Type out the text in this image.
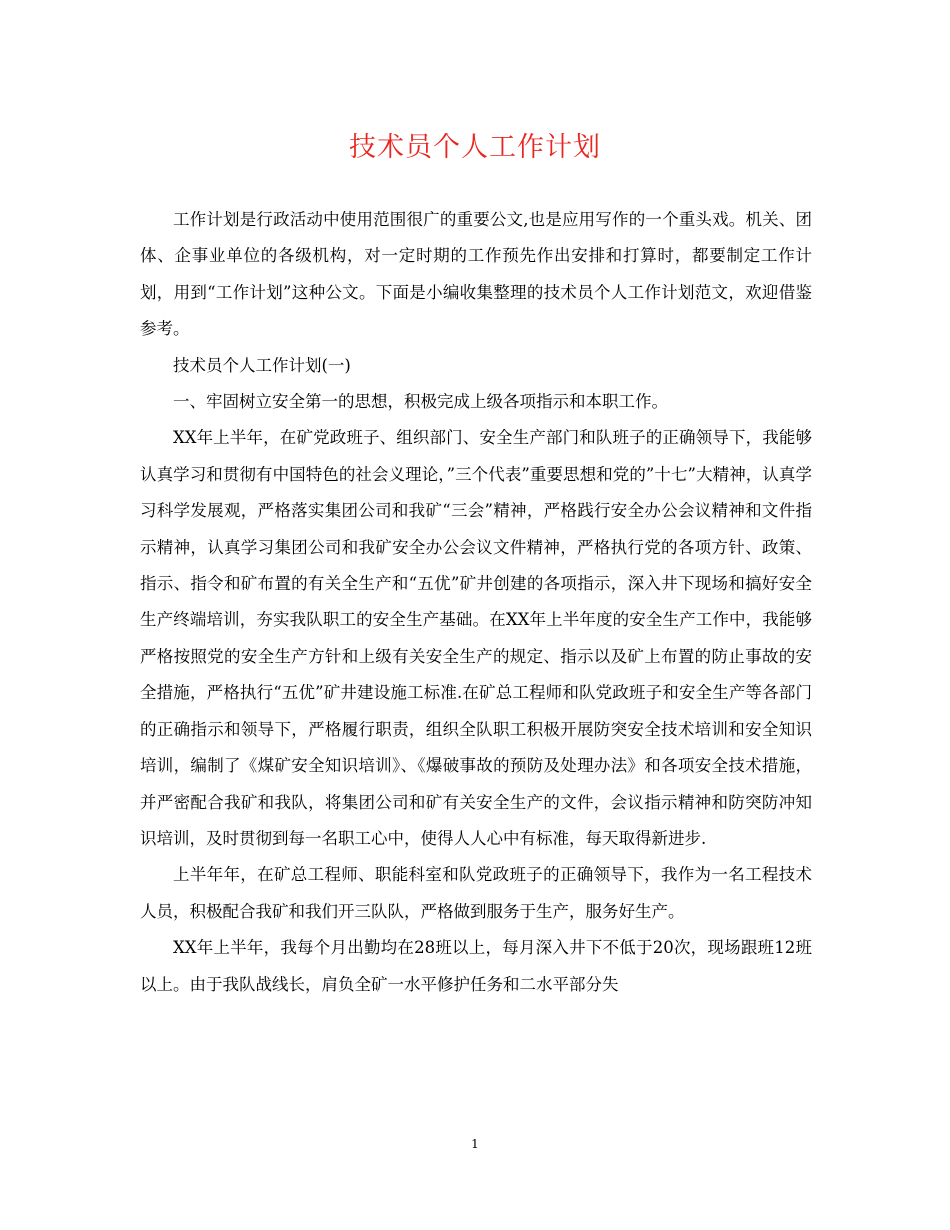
技术员个人工作计划

工作计划是行政活动中使用范围很广的重要公文,也是应用写作的一个重头戏。机关、团体、企事业单位的各级机构，对一定时期的工作预先作出安排和打算时，都要制定工作计划，用到“工作计划”这种公文。下面是小编收集整理的技术员个人工作计划范文，欢迎借鉴参考。

技术员个人工作计划(一)

一、牢固树立安全第一的思想，积极完成上级各项指示和本职工作。

XX年上半年，在矿党政班子、组织部门、安全生产部门和队班子的正确领导下，我能够认真学习和贯彻有中国特色的社会义理论，”三个代表”重要思想和党的”十七”大精神，认真学习科学发展观，严格落实集团公司和我矿“三会”精神，严格践行安全办公会议精神和文件指示精神，认真学习集团公司和我矿安全办公会议文件精神，严格执行党的各项方针、政策、指示、指令和矿布置的有关全生产和“五优”矿井创建的各项指示，深入井下现场和搞好安全生产终端培训，夯实我队职工的安全生产基础。在XX年上半年度的安全生产工作中，我能够严格按照党的安全生产方针和上级有关安全生产的规定、指示以及矿上布置的防止事故的安全措施，严格执行“五优”矿井建设施工标准.在矿总工程师和队党政班子和安全生产等各部门的正确指示和领导下，严格履行职责，组织全队职工积极开展防突安全技术培训和安全知识培训，编制了《煤矿安全知识培训》、《爆破事故的预防及处理办法》和各项安全技术措施，并严密配合我矿和我队，将集团公司和矿有关安全生产的文件，会议指示精神和防突防冲知识培训，及时贯彻到每一名职工心中，使得人人心中有标准，每天取得新进步.

上半年年，在矿总工程师、职能科室和队党政班子的正确领导下，我作为一名工程技术人员，积极配合我矿和我们开三队队，严格做到服务于生产，服务好生产。

XX年上半年，我每个月出勤均在28班以上，每月深入井下不低于20次，现场跟班12班以上。由于我队战线长，肩负全矿一水平修护任务和二水平部分失

1
